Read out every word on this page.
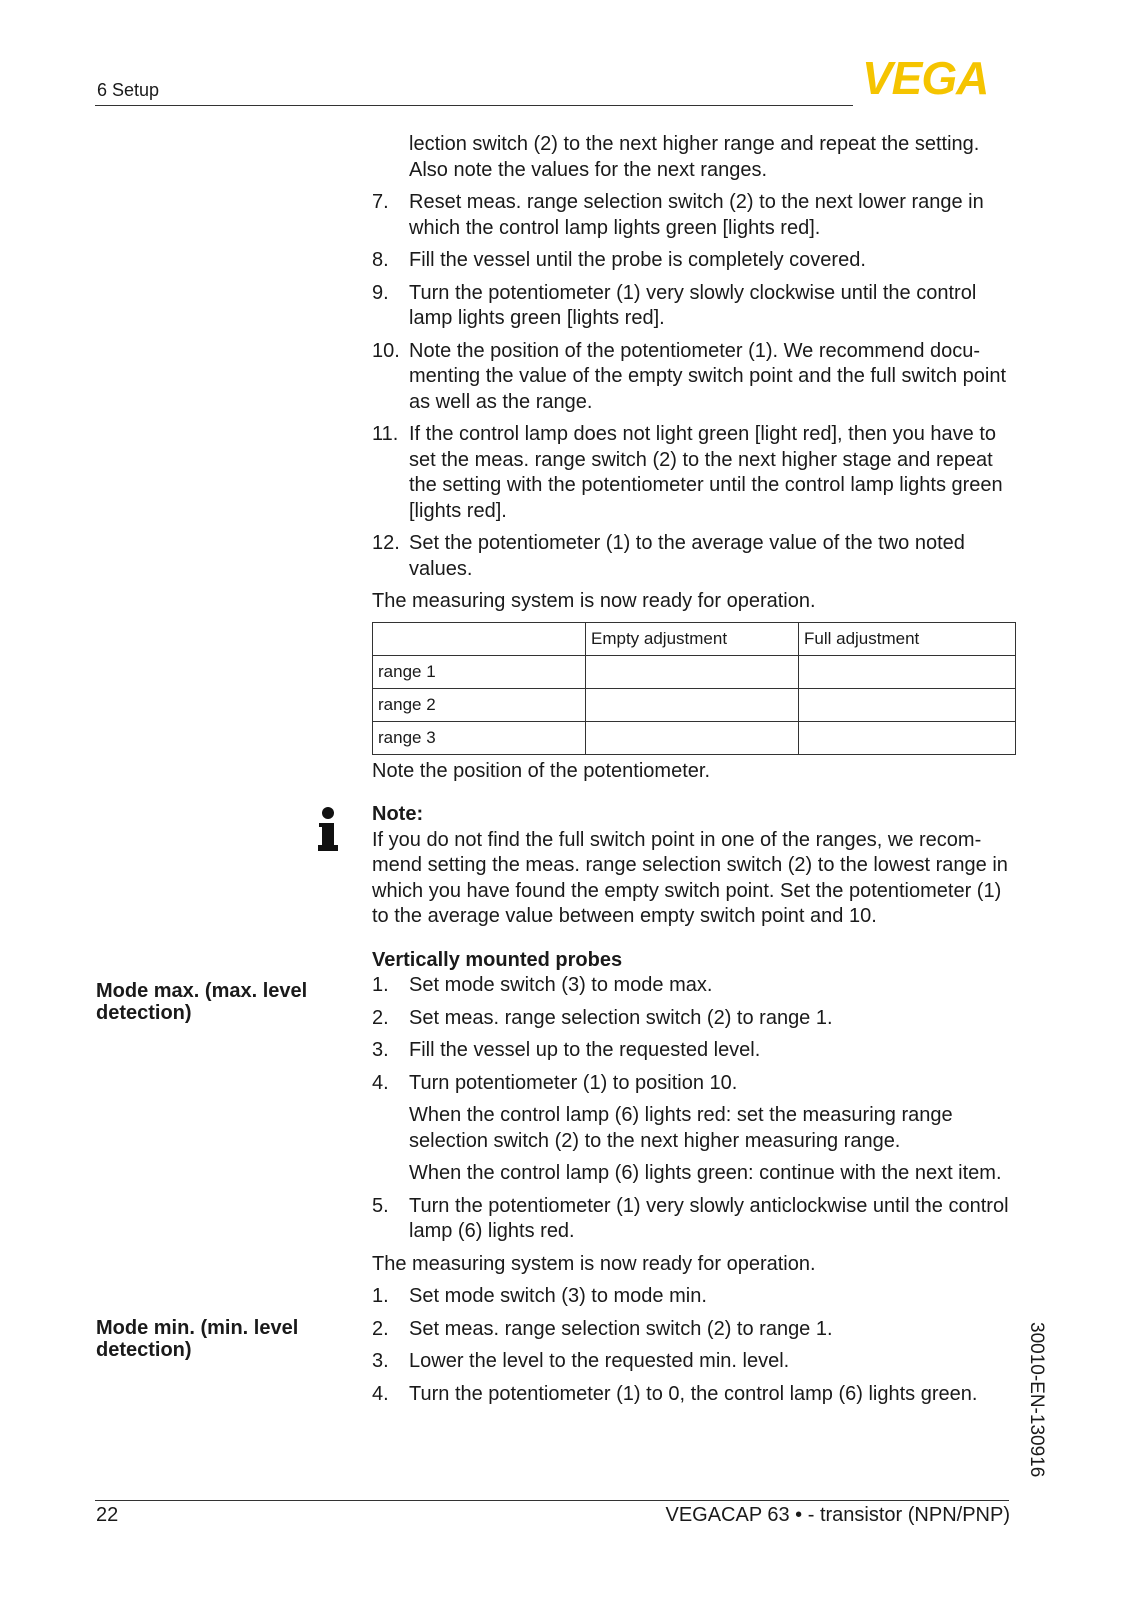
6 Setup	VEGA
Mode max. (max. level detection)
Mode min. (min. level detection)

lection switch (2) to the next higher range and repeat the setting. Also note the values for the next ranges.

7.	Reset meas. range selection switch (2) to the next lower range in which the control lamp lights green [lights red].
8.	Fill the vessel until the probe is completely covered.
9.	Turn the potentiometer (1) very slowly clockwise until the control lamp lights green [lights red].
10. Note the position of the potentiometer (1). We recommend docu- menting the value of the empty switch point and the full switch point as well as the range.
11. If the control lamp does not light green [light red], then you have to set the meas. range switch (2) to the next higher stage and repeat the setting with the potentiometer until the control lamp lights green [lights red].
12. Set the potentiometer (1) to the average value of the two noted values.

The measuring system is now ready for operation.

	Empty adjustment	Full adjustment
range 1		
range 2		
range 3		

Note the position of the potentiometer.

Note:

If you do not find the full switch point in one of the ranges, we recom- mend setting the meas. range selection switch (2) to the lowest range in which you have found the empty switch point. Set the potentiometer (1) to the average value between empty switch point and 10.

Vertically mounted probes

1.	Set mode switch (3) to mode max.
2.	Set meas. range selection switch (2) to range 1.
3.	Fill the vessel up to the requested level.
4.	Turn potentiometer (1) to position 10.

When the control lamp (6) lights red: set the measuring range selection switch (2) to the next higher measuring range.

When the control lamp (6) lights green: continue with the next item.

5.	Turn the potentiometer (1) very slowly anticlockwise until the control lamp (6) lights red.

The measuring system is now ready for operation.

1.	Set mode switch (3) to mode min.
2.	Set meas. range selection switch (2) to range 1.
3.	Lower the level to the requested min. level.
4.	Turn the potentiometer (1) to 0, the control lamp (6) lights green.	30010-EN-130916
22	VEGACAP 63 • - transistor (NPN/PNP)
